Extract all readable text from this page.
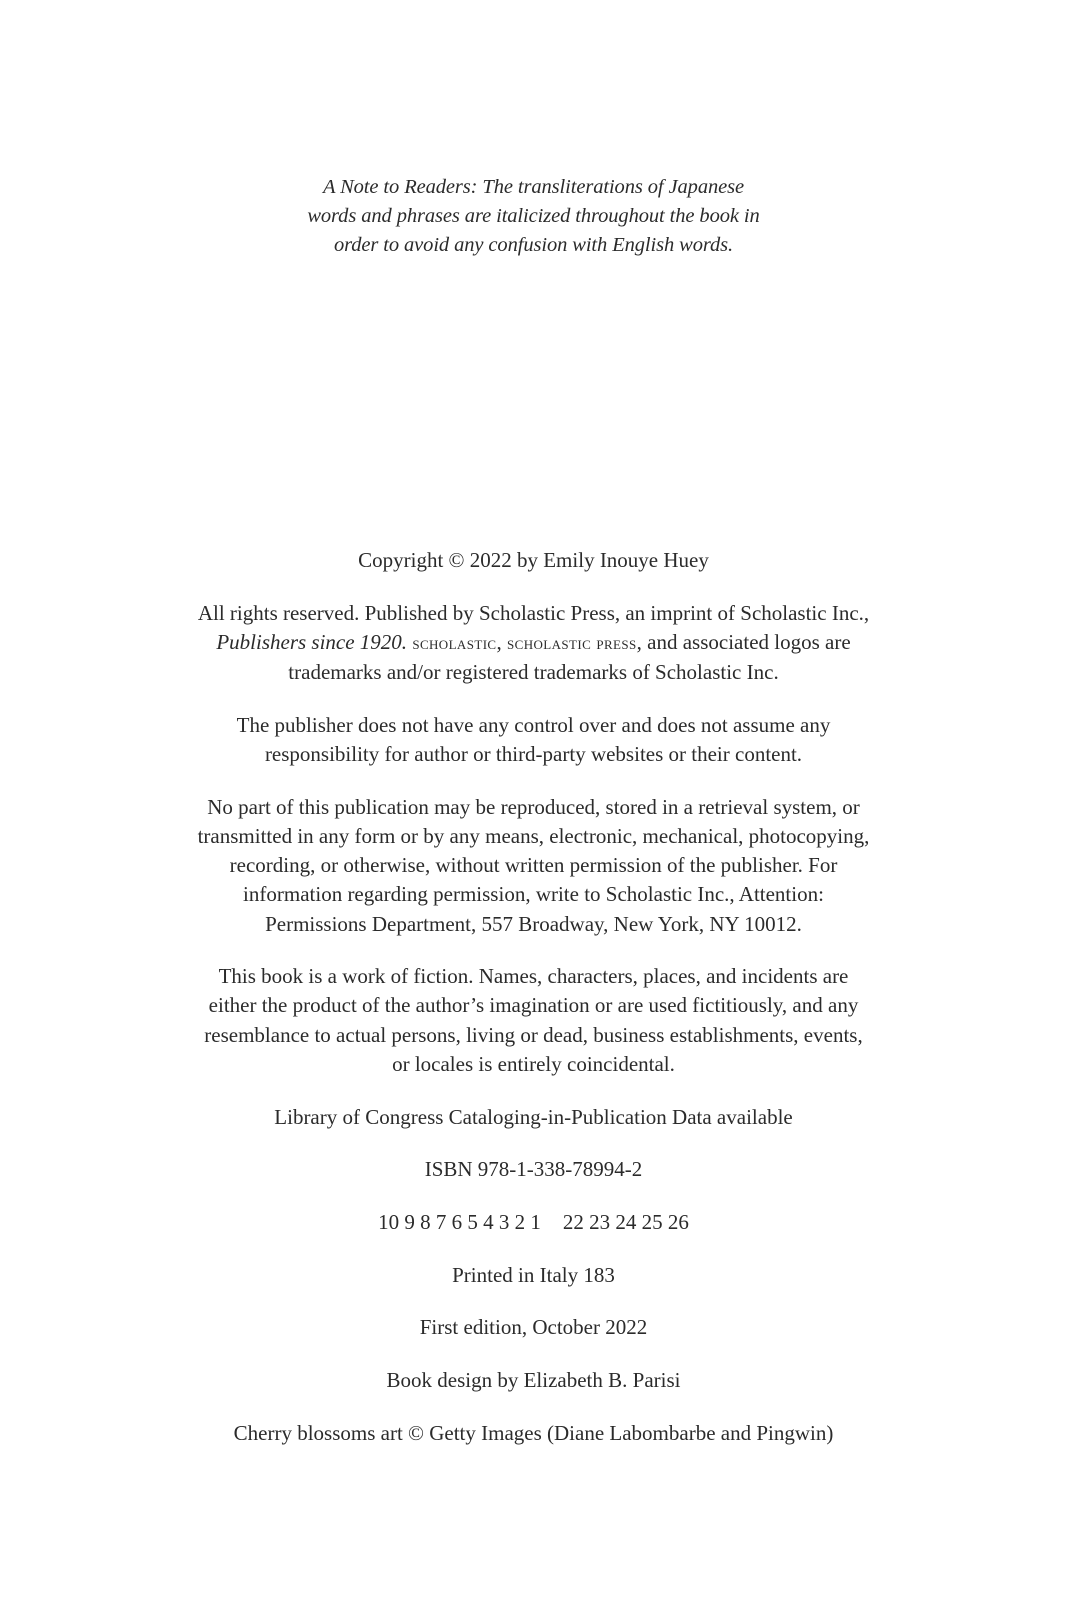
A Note to Readers: The transliterations of Japanese
words and phrases are italicized throughout the book in
order to avoid any confusion with English words.

Copyright © 2022 by Emily Inouye Huey

All rights reserved. Published by Scholastic Press, an imprint of Scholastic Inc.,
Publishers since 1920. scholastic, scholastic press, and associated logos are
trademarks and/or registered trademarks of Scholastic Inc.

The publisher does not have any control over and does not assume any
responsibility for author or third-party websites or their content.

No part of this publication may be reproduced, stored in a retrieval system, or
transmitted in any form or by any means, electronic, mechanical, photocopying,
recording, or otherwise, without written permission of the publisher. For
information regarding permission, write to Scholastic Inc., Attention:
Permissions Department, 557 Broadway, New York, NY 10012.

This book is a work of fiction. Names, characters, places, and incidents are
either the product of the author’s imagination or are used fictitiously, and any
resemblance to actual persons, living or dead, business establishments, events,
or locales is entirely coincidental.

Library of Congress Cataloging-in-Publication Data available

ISBN 978-1-338-78994-2

10 9 8 7 6 5 4 3 2 1 22 23 24 25 26

Printed in Italy 183

First edition, October 2022

Book design by Elizabeth B. Parisi

Cherry blossoms art © Getty Images (Diane Labombarbe and Pingwin)
